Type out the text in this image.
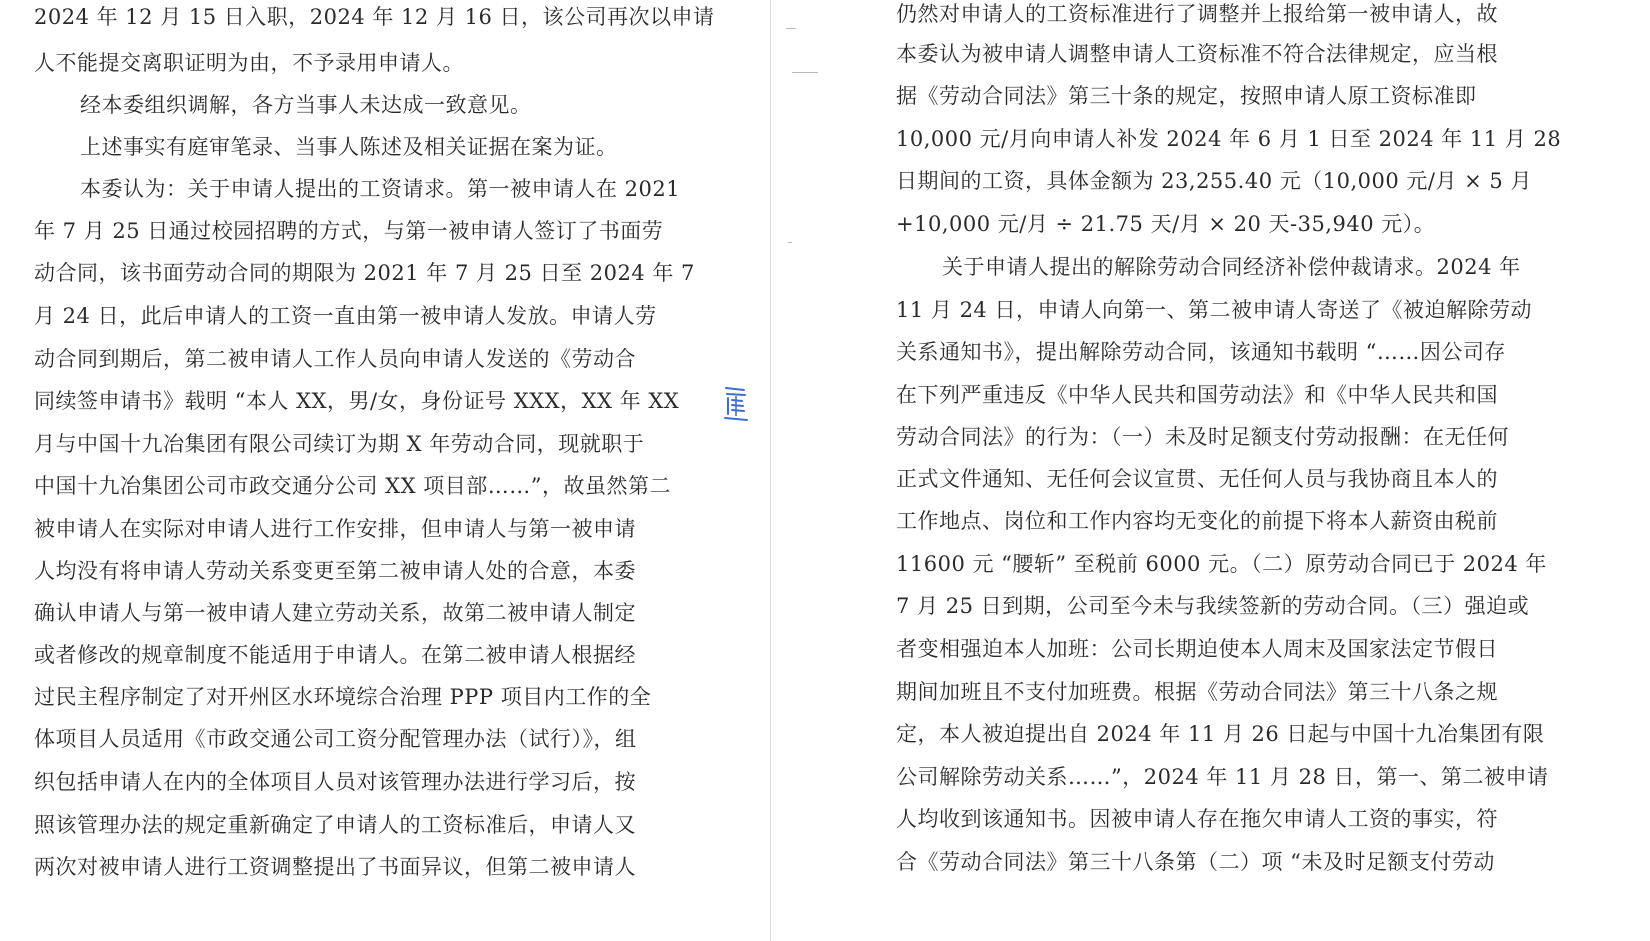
2024 年 12 月 15 日入职，2024 年 12 月 16 日，该公司再次以申请
人不能提交离职证明为由，不予录用申请人。
经本委组织调解，各方当事人未达成一致意见。
上述事实有庭审笔录、当事人陈述及相关证据在案为证。
本委认为：关于申请人提出的工资请求。第一被申请人在 2021
年 7 月 25 日通过校园招聘的方式，与第一被申请人签订了书面劳
动合同，该书面劳动合同的期限为 2021 年 7 月 25 日至 2024 年 7
月 24 日，此后申请人的工资一直由第一被申请人发放。申请人劳
动合同到期后，第二被申请人工作人员向申请人发送的《劳动合
同续签申请书》载明 “本人 XX，男/女，身份证号 XXX，XX 年 XX
月与中国十九冶集团有限公司续订为期 X 年劳动合同，现就职于
中国十九冶集团公司市政交通分公司 XX 项目部……”，故虽然第二
被申请人在实际对申请人进行工作安排，但申请人与第一被申请
人均没有将申请人劳动关系变更至第二被申请人处的合意，本委
确认申请人与第一被申请人建立劳动关系，故第二被申请人制定
或者修改的规章制度不能适用于申请人。在第二被申请人根据经
过民主程序制定了对开州区水环境综合治理 PPP 项目内工作的全
体项目人员适用《市政交通公司工资分配管理办法（试行）》，组
织包括申请人在内的全体项目人员对该管理办法进行学习后，按
照该管理办法的规定重新确定了申请人的工资标准后，申请人又
两次对被申请人进行工资调整提出了书面异议，但第二被申请人
仍然对申请人的工资标准进行了调整并上报给第一被申请人，故
本委认为被申请人调整申请人工资标准不符合法律规定，应当根
据《劳动合同法》第三十条的规定，按照申请人原工资标准即
10,000 元/月向申请人补发 2024 年 6 月 1 日至 2024 年 11 月 28
日期间的工资，具体金额为 23,255.40 元（10,000 元/月 × 5 月
+10,000 元/月 ÷ 21.75 天/月 × 20 天-35,940 元）。
关于申请人提出的解除劳动合同经济补偿仲裁请求。2024 年
11 月 24 日，申请人向第一、第二被申请人寄送了《被迫解除劳动
关系通知书》，提出解除劳动合同，该通知书载明 “……因公司存
在下列严重违反《中华人民共和国劳动法》和《中华人民共和国
劳动合同法》的行为：（一）未及时足额支付劳动报酬：在无任何
正式文件通知、无任何会议宣贯、无任何人员与我协商且本人的
工作地点、岗位和工作内容均无变化的前提下将本人薪资由税前
11600 元 “腰斩” 至税前 6000 元。（二）原劳动合同已于 2024 年
7 月 25 日到期，公司至今未与我续签新的劳动合同。（三）强迫或
者变相强迫本人加班：公司长期迫使本人周末及国家法定节假日
期间加班且不支付加班费。根据《劳动合同法》第三十八条之规
定，本人被迫提出自 2024 年 11 月 26 日起与中国十九冶集团有限
公司解除劳动关系……”，2024 年 11 月 28 日，第一、第二被申请
人均收到该通知书。因被申请人存在拖欠申请人工资的事实，符
合《劳动合同法》第三十八条第（二）项 “未及时足额支付劳动
